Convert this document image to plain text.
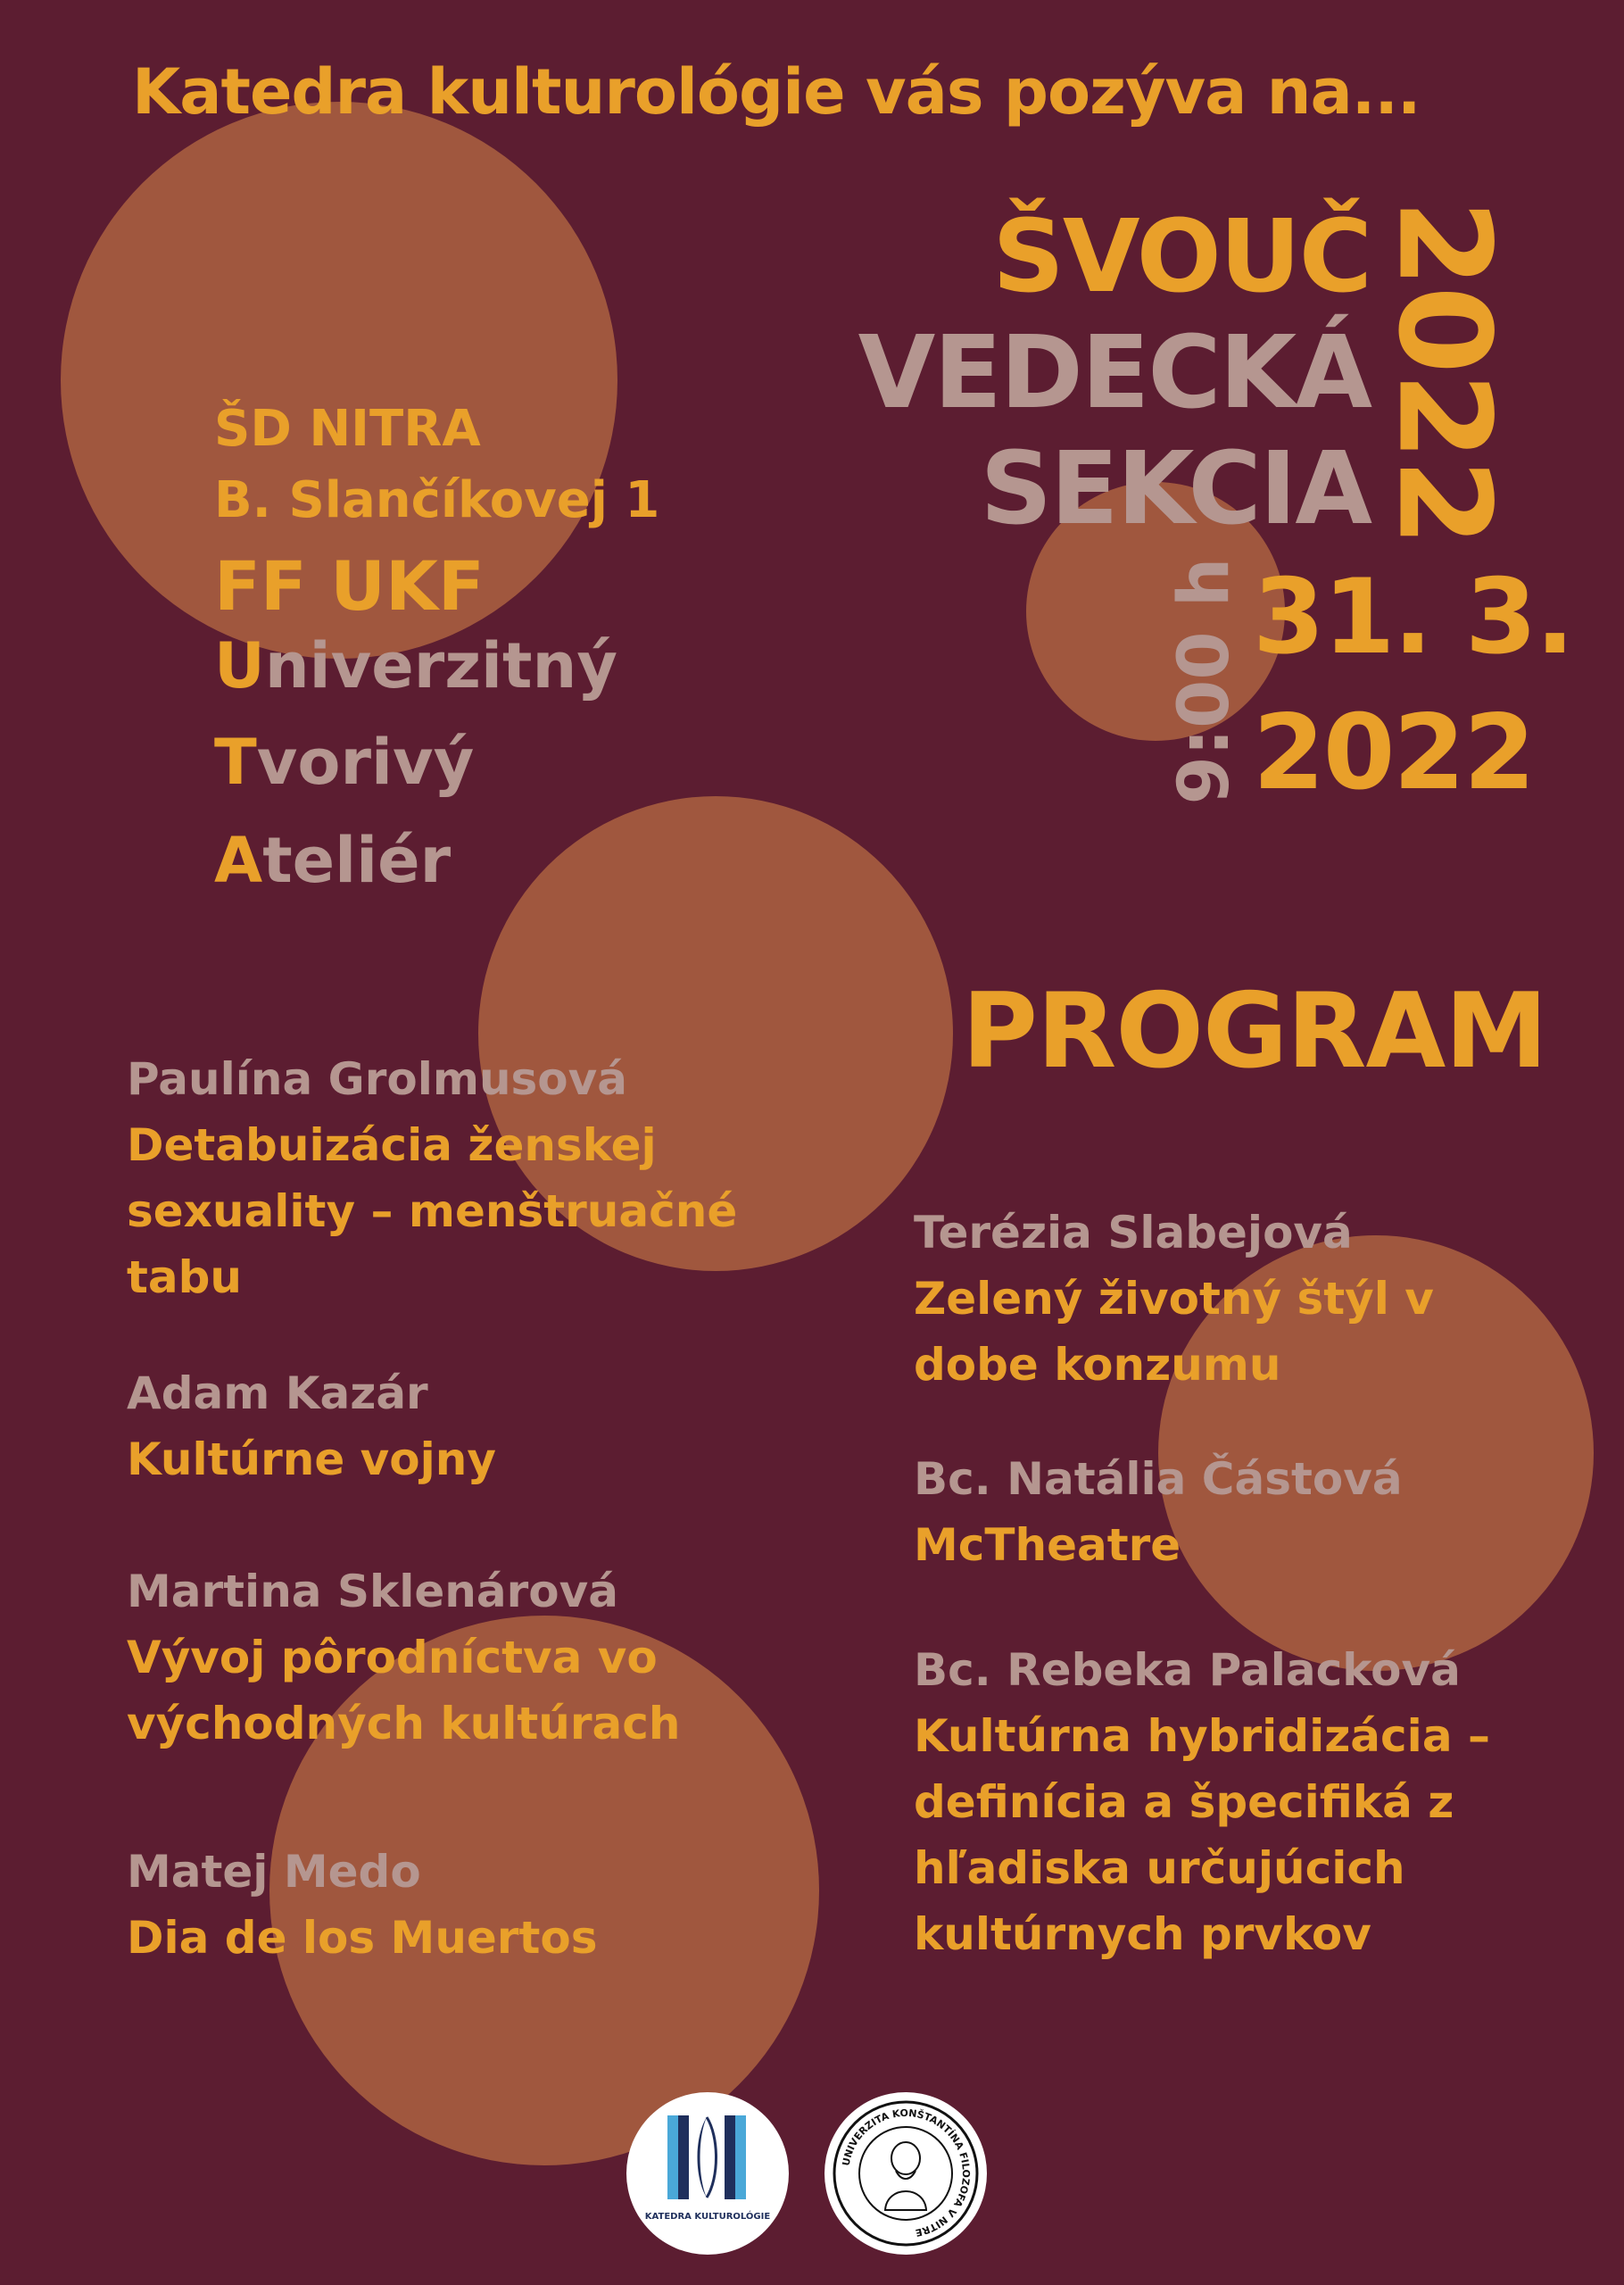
Katedra kulturológie vás pozýva na...
ŠVOUČ
VEDECKÁ
SEKCIA 2022
9:00 h 31. 3.
2022
ŠD NITRA
B. Slančíkovej 1
FF UKF
Univerzitný
Tvorivý
Ateliér
PROGRAM
Paulína Grolmusová
Detabuizácia ženskej sexuality – menštruačné tabu
Adam Kazár
Kultúrne vojny
Martina Sklenárová
Vývoj pôrodníctva vo východných kultúrach
Matej Medo
Dia de los Muertos
Terézia Slabejová
Zelený životný štýl v dobe konzumu
Bc. Natália Částová
McTheatre
Bc. Rebeka Palacková
Kultúrna hybridizácia – definícia a špecifiká z hľadiska určujúcich kultúrnych prvkov
KATEDRA KULTUROLÓGIE
UNIVERZITA KONŠTANTÍNA FILOZOFA V NITRE
